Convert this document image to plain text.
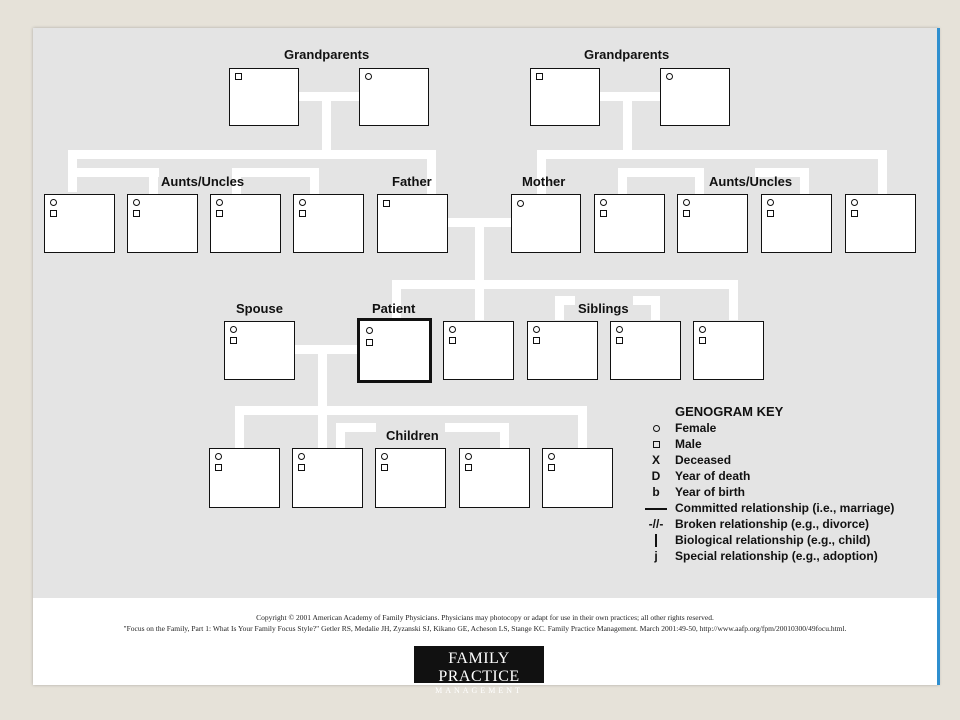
Grandparents	Grandparents
Aunts/Uncles	Father	Mother	Aunts/Uncles
Spouse	Patient	Siblings
Children
GENOGRAM KEY
Female
Male
X	Deceased
D	Year of death
b	Year of birth
Committed relationship (i.e., marriage)
-//- Broken relationship (e.g., divorce)
Biological relationship (e.g., child)
j	Special relationship (e.g., adoption)
Copyright © 2001 American Academy of Family Physicians. Physicians may photocopy or adapt for use in their own practices; all other rights reserved.
"Focus on the Family, Part 1: What Is Your Family Focus Style?" Getler RS, Medalie JH, Zyzanski SJ, Kikano GE, Acheson LS, Stange KC. Family Practice Management. March 2001:49-50, http://www.aafp.org/fpm/20010300/49focu.html.
FAMILY PRACTICE
MANAGEMENT
